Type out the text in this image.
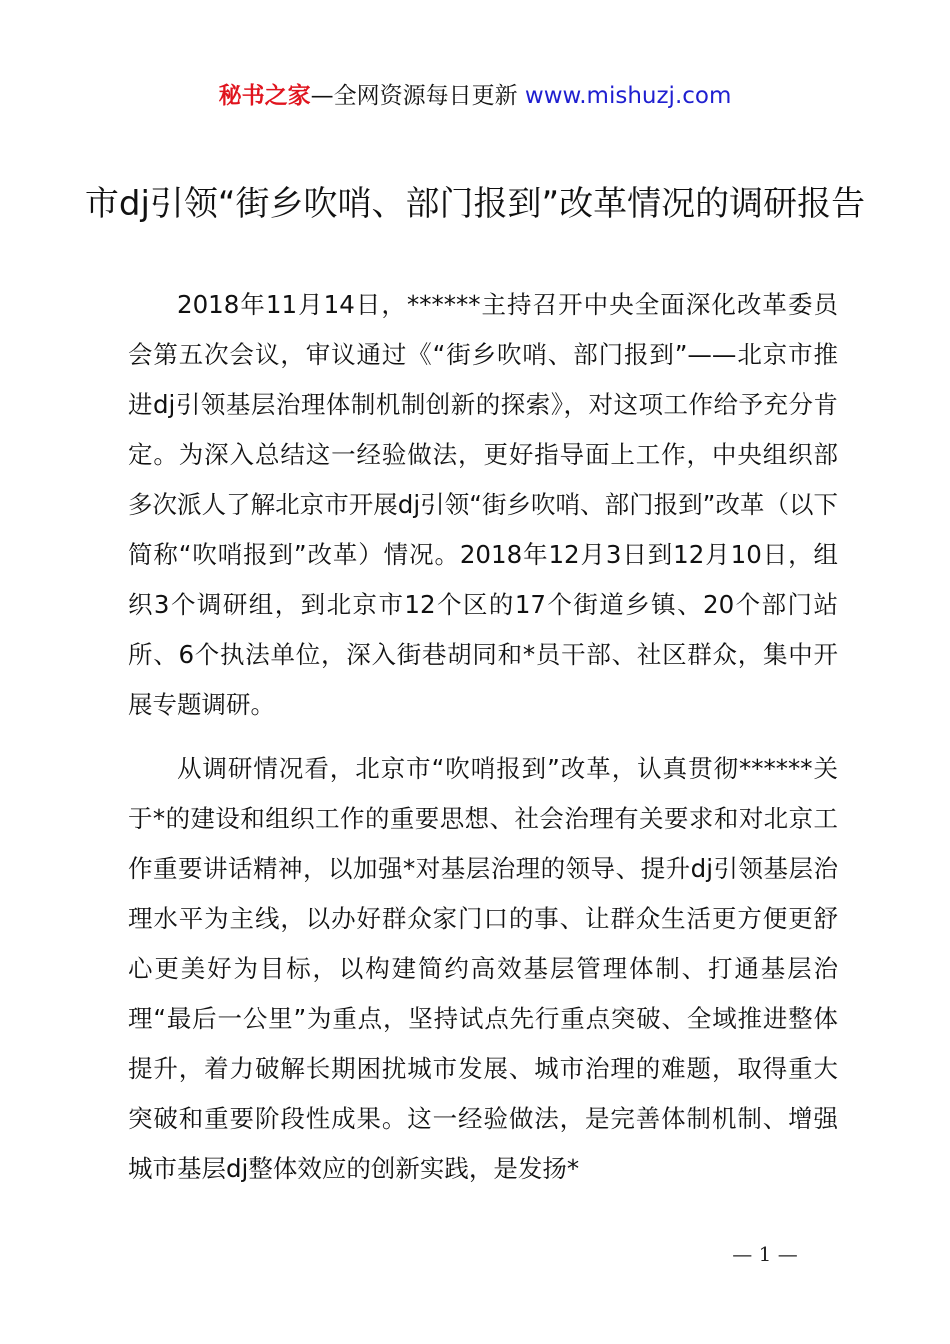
秘书之家—全网资源每日更新 www.mishuzj.com
市dj引领“街乡吹哨、部门报到”改革情况的调研报告

2018年11月14日，******主持召开中央全面深化改革委员会第五次会议，审议通过《“街乡吹哨、部门报到”——北京市推进dj引领基层治理体制机制创新的探索》，对这项工作给予充分肯定。为深入总结这一经验做法，更好指导面上工作，中央组织部多次派人了解北京市开展dj引领“街乡吹哨、部门报到”改革（以下简称“吹哨报到”改革）情况。2018年12月3日到12月10日，组织3个调研组，到北京市12个区的17个街道乡镇、20个部门站所、6个执法单位，深入街巷胡同和*员干部、社区群众，集中开展专题调研。

从调研情况看，北京市“吹哨报到”改革，认真贯彻******关于*的建设和组织工作的重要思想、社会治理有关要求和对北京工作重要讲话精神，以加强*对基层治理的领导、提升dj引领基层治理水平为主线，以办好群众家门口的事、让群众生活更方便更舒心更美好为目标，以构建简约高效基层管理体制、打通基层治理“最后一公里”为重点，坚持试点先行重点突破、全域推进整体提升，着力破解长期困扰城市发展、城市治理的难题，取得重大突破和重要阶段性成果。这一经验做法，是完善体制机制、增强城市基层dj整体效应的创新实践，是发扬*

— 1 —
